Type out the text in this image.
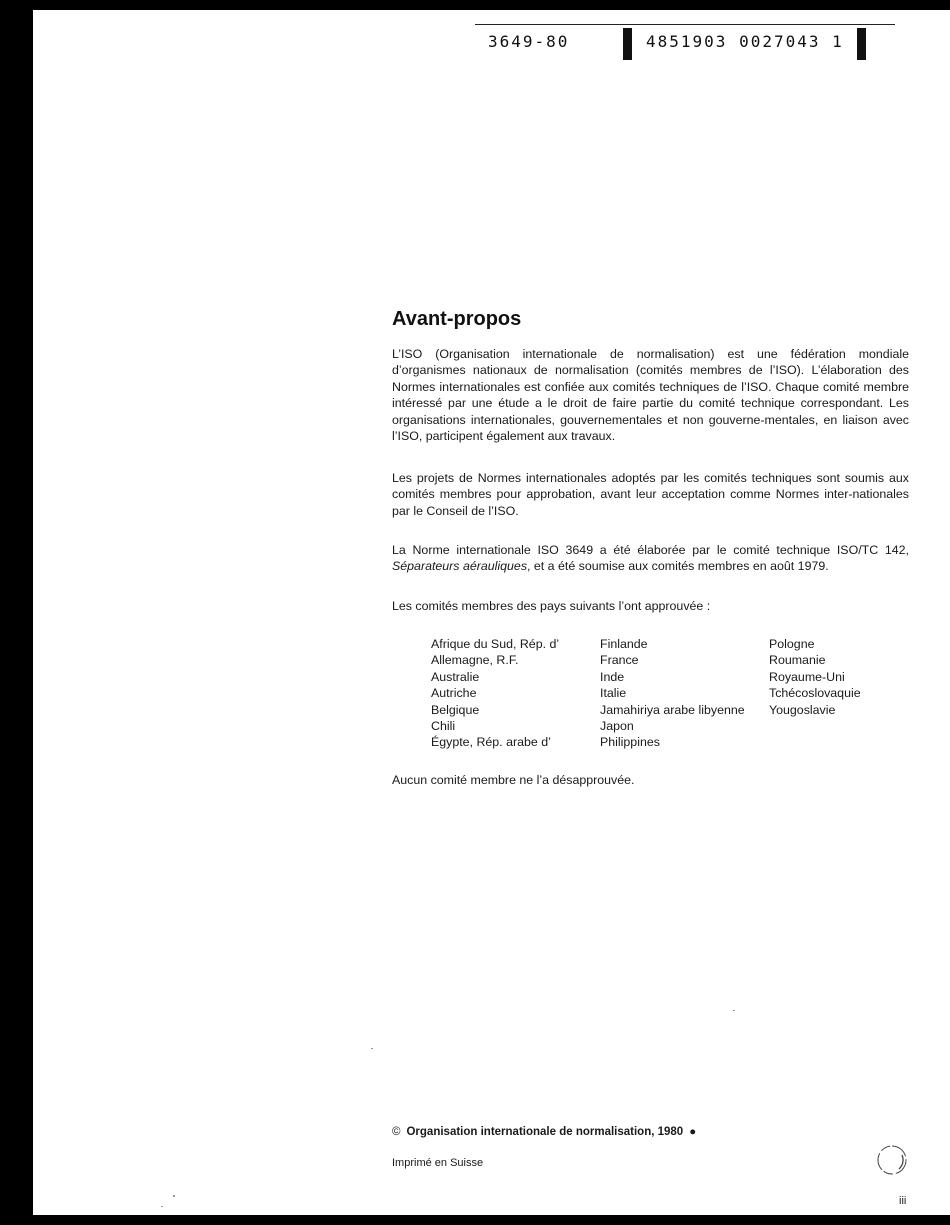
3649-80	4851903 0027043 1
Avant-propos

L’ISO (Organisation internationale de normalisation) est une fédération mondiale d’organismes nationaux de normalisation (comités membres de l’ISO). L’élaboration des Normes internationales est confiée aux comités techniques de l’ISO. Chaque comité membre intéressé par une étude a le droit de faire partie du comité technique correspondant. Les organisations internationales, gouvernementales et non gouverne-mentales, en liaison avec l’ISO, participent également aux travaux.

Les projets de Normes internationales adoptés par les comités techniques sont soumis aux comités membres pour approbation, avant leur acceptation comme Normes inter-nationales par le Conseil de l’ISO.

La Norme internationale ISO 3649 a été élaborée par le comité technique ISO/TC 142, Séparateurs aérauliques, et a été soumise aux comités membres en août 1979.

Les comités membres des pays suivants l’ont approuvée :

Afrique du Sud, Rép. d’
Allemagne, R.F.
Australie
Autriche
Belgique
Chili
Égypte, Rép. arabe d’
Finlande
France
Inde
Italie
Jamahiriya arabe libyenne
Japon
Philippines
Pologne
Roumanie
Royaume-Uni
Tchécoslovaquie
Yougoslavie

Aucun comité membre ne l’a désapprouvée.

© Organisation internationale de normalisation, 1980 ●
Imprimé en Suisse
iii
